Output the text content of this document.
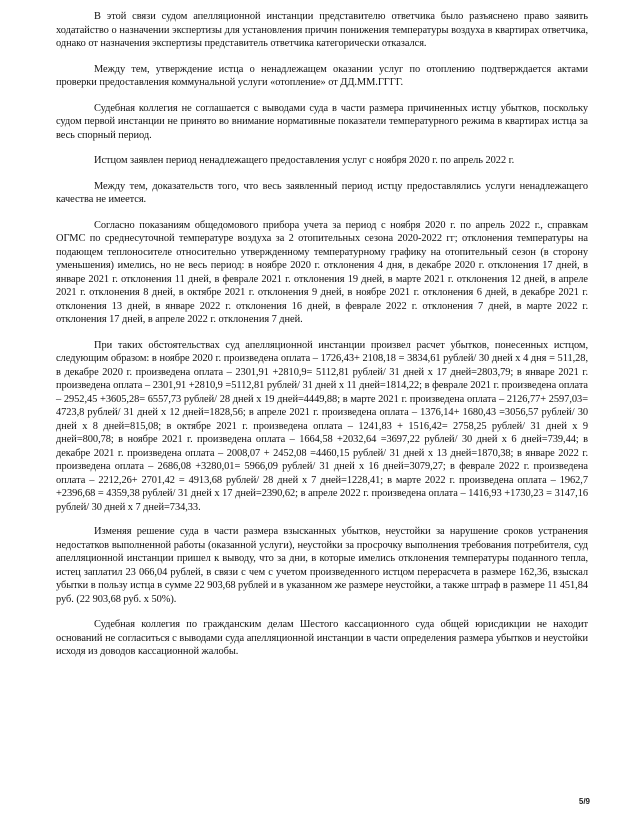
В этой связи судом апелляционной инстанции представителю ответчика было разъяснено право заявить ходатайство о назначении экспертизы для установления причин понижения температуры воздуха в квартирах ответчика, однако от назначения экспертизы представитель ответчика категорически отказался.

Между тем, утверждение истца о ненадлежащем оказании услуг по отоплению подтверждается актами проверки предоставления коммунальной услуги «отопление» от ДД.ММ.ГГГГ.

Судебная коллегия не соглашается с выводами суда в части размера причиненных истцу убытков, поскольку судом первой инстанции не принято во внимание нормативные показатели температурного режима в квартирах истца за весь спорный период.

Истцом заявлен период ненадлежащего предоставления услуг с ноября 2020 г. по апрель 2022 г.

Между тем, доказательств того, что весь заявленный период истцу предоставлялись услуги ненадлежащего качества не имеется.

Согласно показаниям общедомового прибора учета за период с ноября 2020 г. по апрель 2022 г., справкам ОГМС по среднесуточной температуре воздуха за 2 отопительных сезона 2020-2022 гг; отклонения температуры на подающем теплоносителе относительно утвержденному температурному графику на отопительный сезон (в сторону уменьшения) имелись, но не весь период: в ноябре 2020 г. отклонения 4 дня, в декабре 2020 г. отклонения 17 дней, в январе 2021 г. отклонения 11 дней, в феврале 2021 г. отклонения 19 дней, в марте 2021 г. отклонения 12 дней, в апреле 2021 г. отклонения 8 дней, в октябре 2021 г. отклонения 9 дней, в ноябре 2021 г. отклонения 6 дней, в декабре 2021 г. отклонения 13 дней, в январе 2022 г. отклонения 16 дней, в феврале 2022 г. отклонения 7 дней, в марте 2022 г. отклонения 17 дней, в апреле 2022 г. отклонения 7 дней.

При таких обстоятельствах суд апелляционной инстанции произвел расчет убытков, понесенных истцом, следующим образом: в ноябре 2020 г. произведена оплата – 1726,43+ 2108,18 = 3834,61 рублей/ 30 дней х 4 дня = 511,28, в декабре 2020 г. произведена оплата – 2301,91 +2810,9= 5112,81 рублей/ 31 дней х 17 дней=2803,79; в январе 2021 г. произведена оплата – 2301,91 +2810,9 =5112,81 рублей/ 31 дней х 11 дней=1814,22; в феврале 2021 г. произведена оплата – 2952,45 +3605,28= 6557,73 рублей/ 28 дней х 19 дней=4449,88; в марте 2021 г. произведена оплата – 2126,77+ 2597,03= 4723,8 рублей/ 31 дней х 12 дней=1828,56; в апреле 2021 г. произведена оплата – 1376,14+ 1680,43 =3056,57 рублей/ 30 дней х 8 дней=815,08; в октябре 2021 г. произведена оплата – 1241,83 + 1516,42= 2758,25 рублей/ 31 дней х 9 дней=800,78; в ноябре 2021 г. произведена оплата – 1664,58 +2032,64 =3697,22 рублей/ 30 дней х 6 дней=739,44; в декабре 2021 г. произведена оплата – 2008,07 + 2452,08 =4460,15 рублей/ 31 дней х 13 дней=1870,38; в январе 2022 г. произведена оплата – 2686,08 +3280,01= 5966,09 рублей/ 31 дней х 16 дней=3079,27; в феврале 2022 г. произведена оплата – 2212,26+ 2701,42 = 4913,68 рублей/ 28 дней х 7 дней=1228,41; в марте 2022 г. произведена оплата – 1962,7 +2396,68 = 4359,38 рублей/ 31 дней х 17 дней=2390,62; в апреле 2022 г. произведена оплата – 1416,93 +1730,23 = 3147,16 рублей/ 30 дней х 7 дней=734,33.

Изменяя решение суда в части размера взысканных убытков, неустойки за нарушение сроков устранения недостатков выполненной работы (оказанной услуги), неустойки за просрочку выполнения требования потребителя, суд апелляционной инстанции пришел к выводу, что за дни, в которые имелись отклонения температуры поданного тепла, истец заплатил 23 066,04 рублей, в связи с чем с учетом произведенного истцом перерасчета в размере 162,36, взыскал убытки в пользу истца в сумме 22 903,68 рублей и в указанном же размере неустойки, а также штраф в размере 11 451,84 руб. (22 903,68 руб. х 50%).

Судебная коллегия по гражданским делам Шестого кассационного суда общей юрисдикции не находит оснований не согласиться с выводами суда апелляционной инстанции в части определения размера убытков и неустойки исходя из доводов кассационной жалобы.

5/9
